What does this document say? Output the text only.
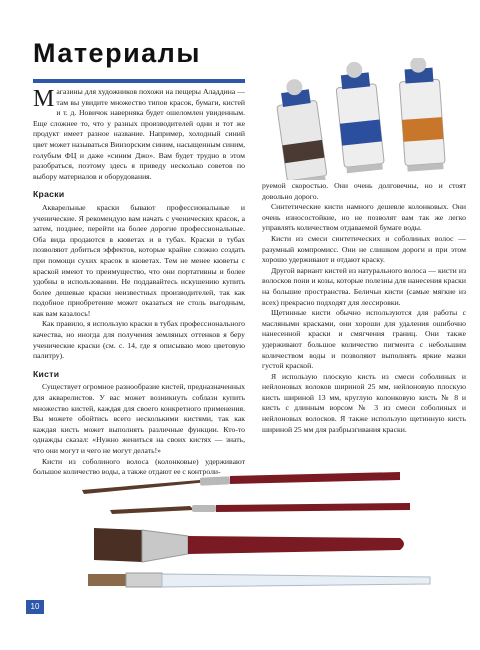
Материалы

Магазины для художников похожи на пещеры Аладдина — там вы увидите множество типов красок, бумаги, кистей и т. д. Новичок наверняка будет ошеломлен увиденным. Еще сложнее то, что у разных производителей одни и тот же продукт имеет разное название. Например, холодный синий цвет может называться Винзорским синим, насыщенным синим, голубым ФЦ и даже «синим Джо». Вам будет трудно в этом разобраться, поэтому здесь я приведу несколько советов по выбору материалов и оборудования.

Краски

Акварельные краски бывают профессиональные и ученические. Я рекомендую вам начать с ученических красок, а затем, позднее, перейти на более дорогие профессиональные. Оба вида продаются в кюветах и в тубах. Краски в тубах позволяют добиться эффектов, которые крайне сложно создать при помощи сухих красок в кюветах. Тем не менее кюветы с краской имеют то преимущество, что они портативны и более удобны в использовании. Не поддавайтесь искушению купить более дешевые краски неизвестных производителей, так как подобное приобретение может оказаться не столь выгодным, как вам казалось!

Как правило, я использую краски в тубах профессионального качества, но иногда для получения земляных оттенков я беру ученические краски (см. с. 14, где я описываю мою цветовую палитру).

Кисти

Существует огромное разнообразие кистей, предназначенных для акварелистов. У вас может возникнуть соблазн купить множество кистей, каждая для своего конкретного применения. Вы можете обойтись всего несколькими кистями, так как каждая кисть может выполнять различные функции. Кто-то однажды сказал: «Нужно жениться на своих кистях — знать, что они могут и чего не могут делать!»

Кисти из соболиного волоса (колонковые) удерживают большое количество воды, а также отдают ее с контроли-

руемой скоростью. Они очень долговечны, но и стоят довольно дорого.

Синтетические кисти намного дешевле колонковых. Они очень износостойкие, но не позволят вам так же легко управлять количеством отдаваемой бумаге воды.

Кисти из смеси синтетических и соболиных волос — разумный компромисс. Они не слишком дороги и при этом хорошо удерживают и отдают краску.

Другой вариант кистей из натурального волоса — кисти из волосков пони и козы, которые полезны для нанесения краски на большие пространства. Беличьи кисти (самые мягкие из всех) прекрасно подходят для лессировки.

Щетинные кисти обычно используются для работы с масляными красками, они хороши для удаления ошибочно нанесенной краски и смягчения границ. Они также удерживают большое количество пигмента с небольшим количеством воды и позволяют выполнять яркие мазки густой краской.

Я использую плоскую кисть из смеси соболиных и нейлоновых волоков шириной 25 мм, нейлоновую плоскую кисть шириной 13 мм, круглую колонковую кисть № 8 и кисть с длинным ворсом № 3 из смеси соболиных и нейлоновых волосков. Я также использую щетинную кисть шириной 25 мм для разбрызгивания краски.

10
